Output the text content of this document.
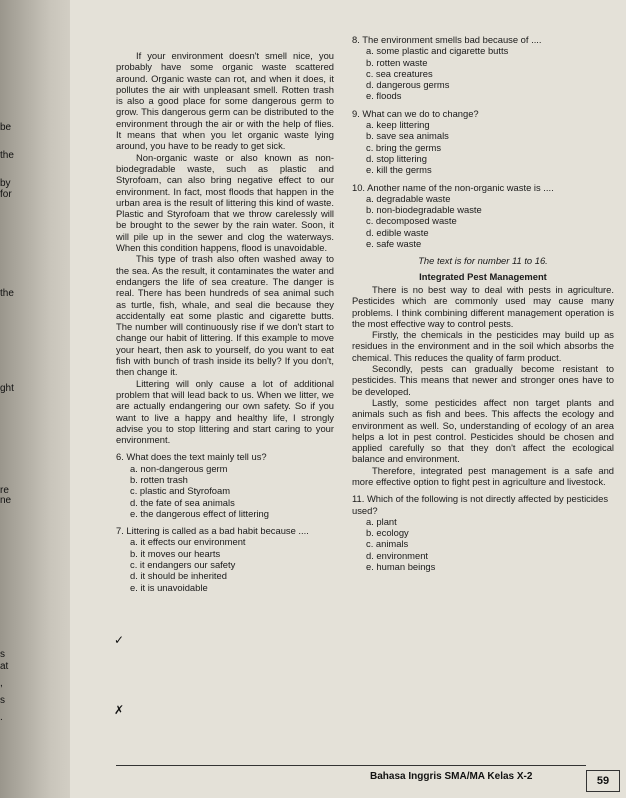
be
the
by
for
the
ght
re
ne
s
at
,
s
.

If your environment doesn't smell nice, you probably have some organic waste scattered around. Organic waste can rot, and when it does, it pollutes the air with unpleasant smell. Rotten trash is also a good place for some dangerous germ to grow. This dangerous germ can be distributed to the environment through the air or with the help of flies. It means that when you let organic waste lying around, you have to be ready to get sick.

Non-organic waste or also known as non-biodegradable waste, such as plastic and Styrofoam, can also bring negative effect to our environment. In fact, most floods that happen in the urban area is the result of littering this kind of waste. Plastic and Styrofoam that we throw carelessly will be brought to the sewer by the rain water. Soon, it will pile up in the sewer and clog the waterways. When this condition happens, flood is unavoidable.

This type of trash also often washed away to the sea. As the result, it contaminates the water and endangers the life of sea creature. The danger is real. There has been hundreds of sea animal such as turtle, fish, whale, and seal die because they accidentally eat some plastic and cigarette butts. The number will continuously rise if we don't start to change our habit of littering. If this example to move your heart, then ask to yourself, do you want to eat fish with bunch of trash inside its belly? If you don't, then change it.

Littering will only cause a lot of additional problem that will lead back to us. When we litter, we are actually endangering our own safety. So if you want to live a happy and healthy life, I strongly advise you to stop littering and start caring to your environment.

6. What does the text mainly tell us?
a. non-dangerous germ
b. rotten trash
c. plastic and Styrofoam
d. the fate of sea animals
e. the dangerous effect of littering
7. Littering is called as a bad habit because ....
a. it effects our environment
b. it moves our hearts
c. it endangers our safety
d. it should be inherited
e. it is unavoidable
8. The environment smells bad because of ....
a. some plastic and cigarette butts
b. rotten waste
c. sea creatures
d. dangerous germs
e. floods
9. What can we do to change?
a. keep littering
b. save sea animals
c. bring the germs
d. stop littering
e. kill the germs
10. Another name of the non-organic waste is ....
a. degradable waste
b. non-biodegradable waste
c. decomposed waste
d. edible waste
e. safe waste
The text is for number 11 to 16.
Integrated Pest Management

There is no best way to deal with pests in agriculture. Pesticides which are commonly used may cause many problems. I think combining different management operation is the most effective way to control pests.

Firstly, the chemicals in the pesticides may build up as residues in the environment and in the soil which absorbs the chemical. This reduces the quality of farm product.

Secondly, pests can gradually become resistant to pesticides. This means that newer and stronger ones have to be developed.

Lastly, some pesticides affect non target plants and animals such as fish and bees. This affects the ecology and environment as well. So, understanding of ecology of an area helps a lot in pest control. Pesticides should be chosen and applied carefully so that they don't affect the ecological balance and environment.

Therefore, integrated pest management is a safe and more effective option to fight pest in agriculture and livestock.

11. Which of the following is not directly affected by pesticides used?
a. plant
b. ecology
c. animals
d. environment
e. human beings
✓
✗
Bahasa Inggris SMA/MA Kelas X-2	59
